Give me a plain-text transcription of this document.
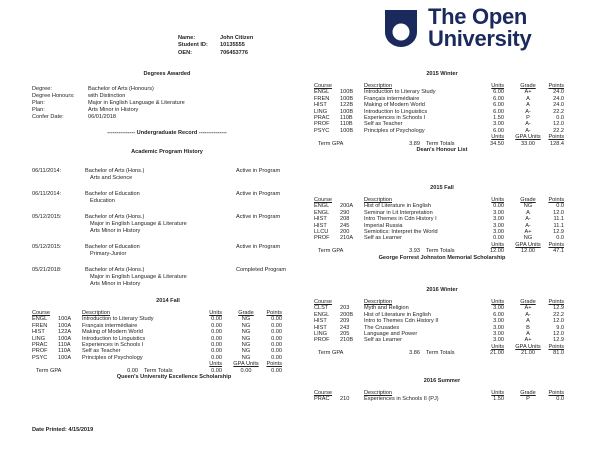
Name:	John Citizen
Student ID:	10135555
OEN:	706453776
The Open
University
Degrees Awarded
Degree:	Bachelor of Arts (Honours)
Degree Honours:	with Distinction
Plan:	Major in English Language & Literature
Plan:	Arts Minor in History
Confer Date:	06/01/2018
--------------- Undergraduate Record ---------------
Academic Program History
06/11/2014:	Bachelor of Arts (Hons.)	Active in Program
Arts and Science
06/11/2014:	Bachelor of Education	Active in Program
Education
05/12/2015:	Bachelor of Arts (Hons.)	Active in Program
Major in English Language & Literature
Arts Minor in History
05/12/2015:	Bachelor of Education	Active in Program
Primary-Junior
05/21/2018:	Bachelor of Arts (Hons.)	Completed Program
Major in English Language & Literature
Arts Minor in History
2014 Fall
Course	Description	Units	Grade	Points
ENGL 100A Introduction to Literary Study	0.00	NG	0.00
FREN 100A Français intermédiaire	0.00	NG	0.00
HIST 122A Making of Modern World	0.00	NG	0.00
LING 100A Introduction to Linguistics	0.00	NG	0.00
PRAC 110A Experiences in Schools I	0.00	NG	0.00
PROF 110A Self as Teacher	0.00	NG	0.00
PSYC 100A Principles of Psychology	0.00	NG	0.00
Units	GPA Units	Points
Term GPA	0.00 Term Totals	0.00	0.00	0.00
Queen's University Excellence Scholarship
2015 Winter
Course	Description	Units	Grade	Points
ENGL 100B Introduction to Literary Study	6.00	A+	24.0
FREN 100B Français intermédiaire	6.00	A	24.0
HIST 122B Making of Modern World	6.00	A	24.0
LING 100B Introduction to Linguistics	6.00	A-	22.2
PRAC 110B Experiences in Schools I	1.50	P	0.0
PROF 110B Self as Teacher	3.00	A-	12.0
PSYC 100B Principles of Psychology	6.00	A-	22.2
Units	GPA Units	Points
Term GPA	3.89 Term Totals	34.50	33.00	128.4
Dean's Honour List
2015 Fall
Course	Description	Units	Grade	Points
ENGL 200A Hist of Literature in English	0.00	NG	0.0
ENGL 290	Seminar in Lit Interpretation	3.00	A	12.0
HIST 208	Intro Themes in Cdn History I	3.00	A-	11.1
HIST 245	Imperial Russia	3.00	A-	11.1
LLCU 200	Semiotics: Interpret the World	3.00	A+	12.9
PROF 210A Self as Learner	0.00	NG	0.0
Units	GPA Units	Points
Term GPA	3.93 Term Totals	12.00	12.00	47.1
George Forrest Johnston Memorial Scholarship
2016 Winter
Course	Description	Units	Grade	Points
CLST 203	Myth and Religion	3.00	A+	12.9
ENGL 200B Hist of Literature in English	6.00	A-	22.2
HIST 209	Intro to Themes Cdn History II	3.00	A	12.0
HIST 243	The Crusades	3.00	B	9.0
LING 205	Language and Power	3.00	A	12.0
PROF 210B Self as Learner	3.00	A+	12.9
Units	GPA Units	Points
Term GPA	3.86 Term Totals	21.00	21.00	81.0
2016 Summer
Course	Description	Units	Grade	Points
PRAC 210	Experiences in Schools II (PJ)	1.50	P	0.0
Date Printed: 4/15/2019
